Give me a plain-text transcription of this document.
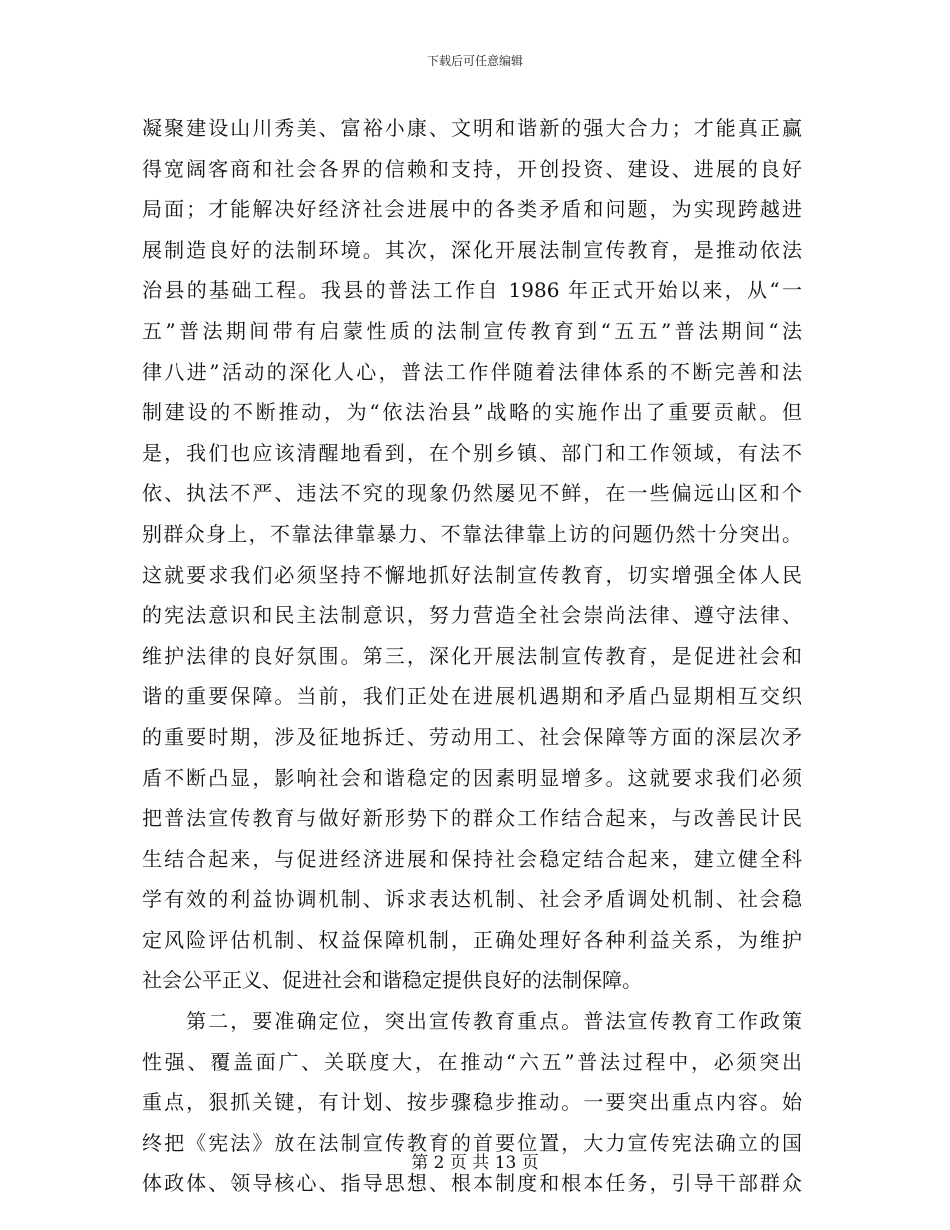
下载后可任意编辑
凝聚建设山川秀美、富裕小康、文明和谐新的强大合力；才能真正赢
得宽阔客商和社会各界的信赖和支持，开创投资、建设、进展的良好
局面；才能解决好经济社会进展中的各类矛盾和问题，为实现跨越进
展制造良好的法制环境。其次，深化开展法制宣传教育，是推动依法
治县的基础工程。我县的普法工作自 1986 年正式开始以来，从“一
五”普法期间带有启蒙性质的法制宣传教育到“五五”普法期间“法
律八进”活动的深化人心，普法工作伴随着法律体系的不断完善和法
制建设的不断推动，为“依法治县”战略的实施作出了重要贡献。但
是，我们也应该清醒地看到，在个别乡镇、部门和工作领域，有法不
依、执法不严、违法不究的现象仍然屡见不鲜，在一些偏远山区和个
别群众身上，不靠法律靠暴力、不靠法律靠上访的问题仍然十分突出。
这就要求我们必须坚持不懈地抓好法制宣传教育，切实增强全体人民
的宪法意识和民主法制意识，努力营造全社会崇尚法律、遵守法律、
维护法律的良好氛围。第三，深化开展法制宣传教育，是促进社会和
谐的重要保障。当前，我们正处在进展机遇期和矛盾凸显期相互交织
的重要时期，涉及征地拆迁、劳动用工、社会保障等方面的深层次矛
盾不断凸显，影响社会和谐稳定的因素明显增多。这就要求我们必须
把普法宣传教育与做好新形势下的群众工作结合起来，与改善民计民
生结合起来，与促进经济进展和保持社会稳定结合起来，建立健全科
学有效的利益协调机制、诉求表达机制、社会矛盾调处机制、社会稳
定风险评估机制、权益保障机制，正确处理好各种利益关系，为维护
社会公平正义、促进社会和谐稳定提供良好的法制保障。
　　第二，要准确定位，突出宣传教育重点。普法宣传教育工作政策
性强、覆盖面广、关联度大，在推动“六五”普法过程中，必须突出
重点，狠抓关键，有计划、按步骤稳步推动。一要突出重点内容。始
终把《宪法》放在法制宣传教育的首要位置，大力宣传宪法确立的国
体政体、领导核心、指导思想、根本制度和根本任务，引导干部群众
第 2 页 共 13 页
